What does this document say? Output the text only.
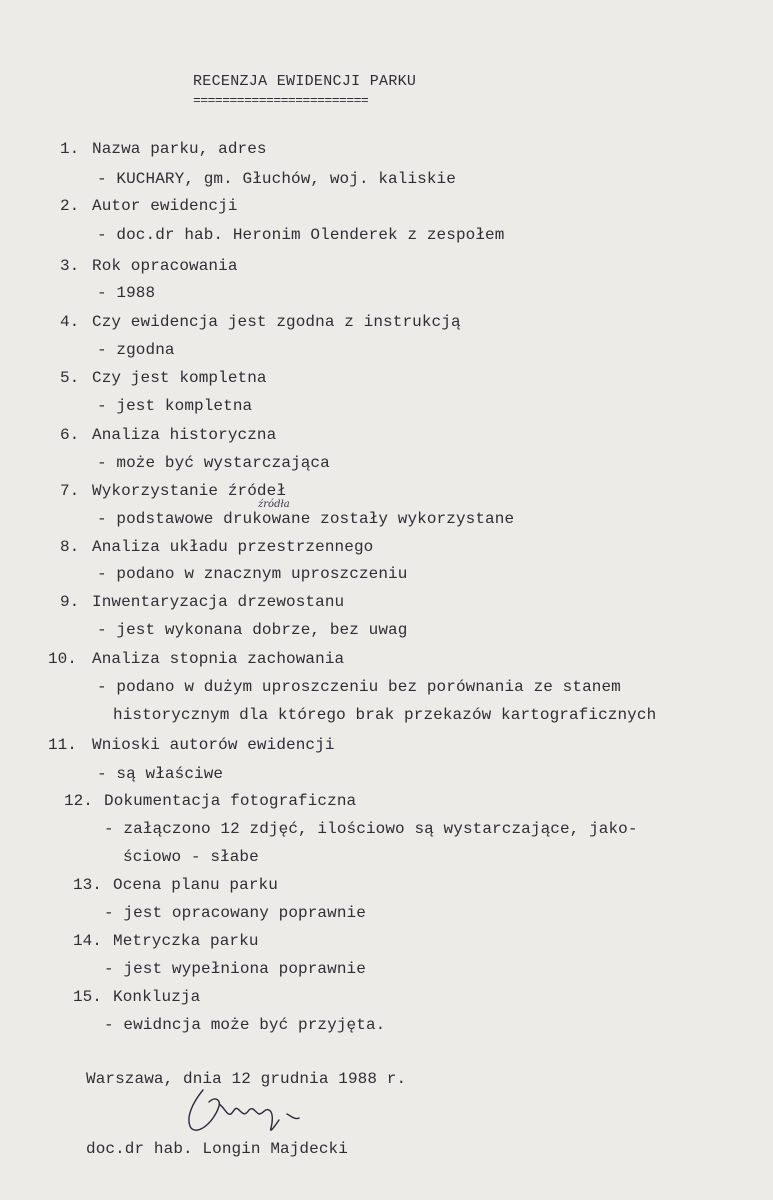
RECENZJA EWIDENCJI PARKU
========================
1. Nazwa parku, adres
- KUCHARY, gm. Głuchów, woj. kaliskie
2. Autor ewidencji
- doc.dr hab. Heronim Olenderek z zespołem
3. Rok opracowania
- 1988
4. Czy ewidencja jest zgodna z instrukcją
- zgodna
5. Czy jest kompletna
- jest kompletna
6. Analiza historyczna
- może być wystarczająca
7. Wykorzystanie źródeł
źródła
- podstawowe drukowane zostały wykorzystane
8. Analiza układu przestrzennego
- podano w znacznym uproszczeniu
9. Inwentaryzacja drzewostanu
- jest wykonana dobrze, bez uwag
10. Analiza stopnia zachowania
- podano w dużym uproszczeniu bez porównania ze stanem
historycznym dla którego brak przekazów kartograficznych
11. Wnioski autorów ewidencji
- są właściwe
12. Dokumentacja fotograficzna
- załączono 12 zdjęć, ilościowo są wystarczające, jako-
ściowo - słabe
13. Ocena planu parku
- jest opracowany poprawnie
14. Metryczka parku
- jest wypełniona poprawnie
15. Konkluzja
- ewidncja może być przyjęta.
Warszawa, dnia 12 grudnia 1988 r.
doc.dr hab. Longin Majdecki
